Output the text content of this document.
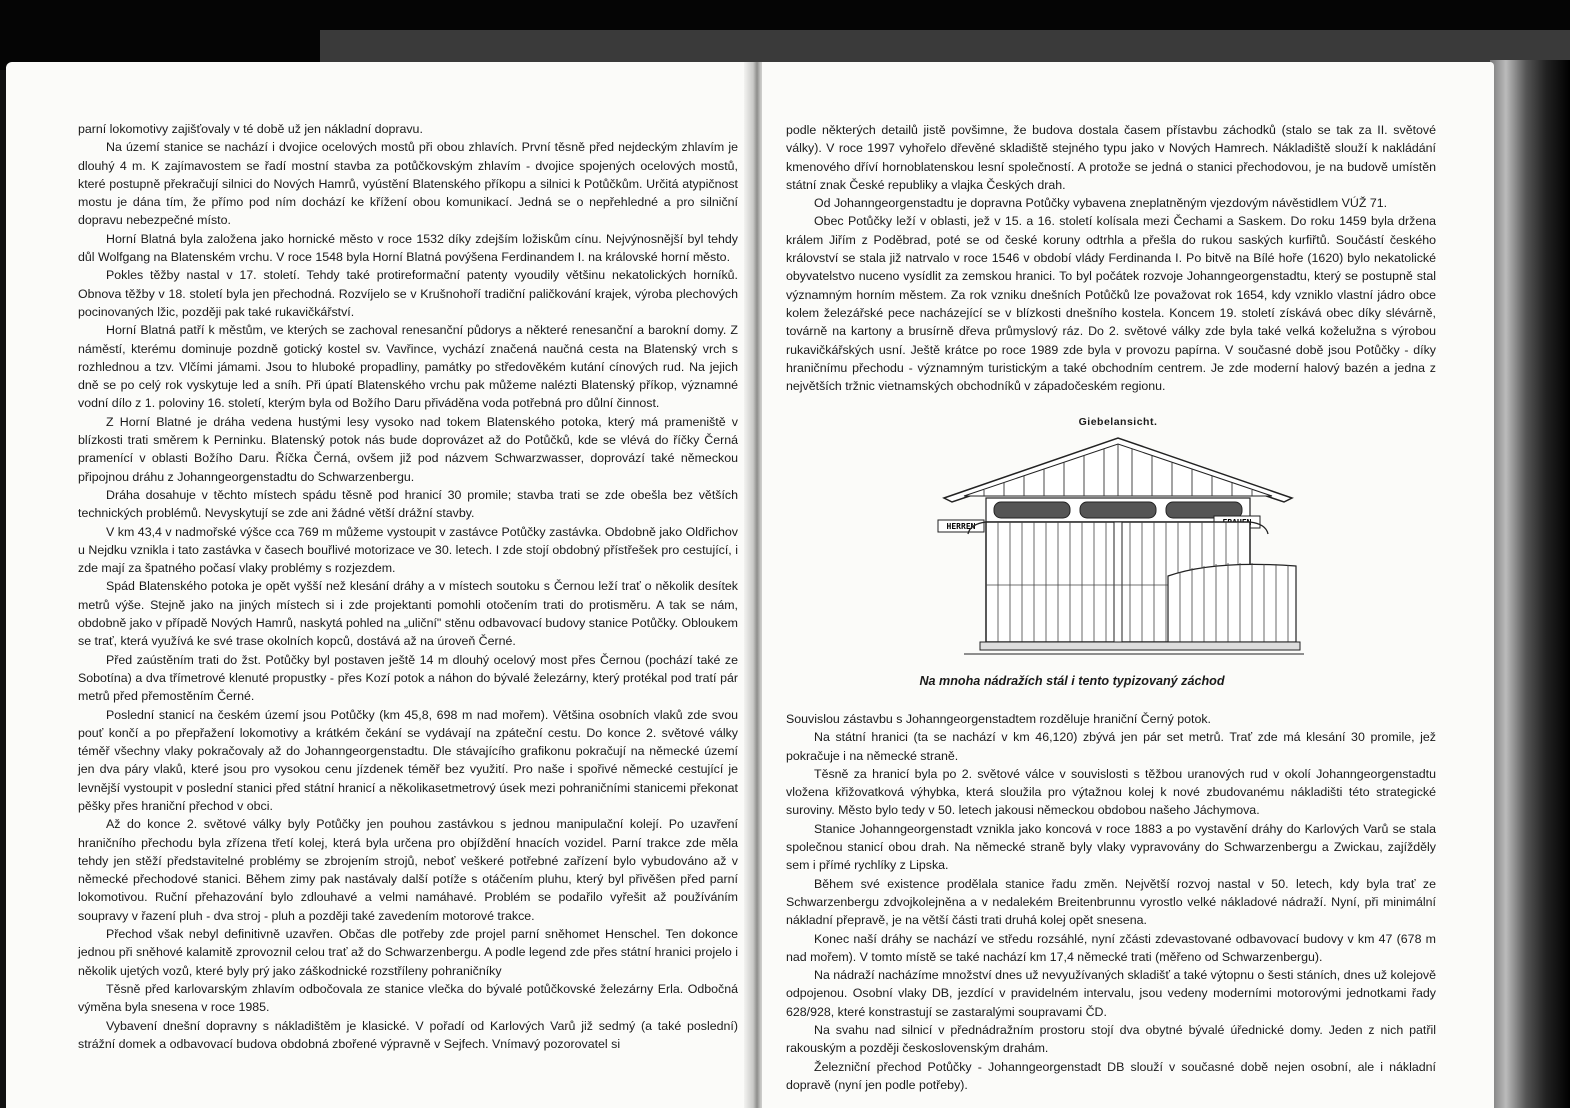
parní lokomotivy zajišťovaly v té době už jen nákladní dopravu.

Na území stanice se nachází i dvojice ocelových mostů při obou zhlavích. První těsně před nejdeckým zhlavím je dlouhý 4 m. K zajímavostem se řadí mostní stavba za potůčkovským zhlavím - dvojice spojených ocelových mostů, které postupně překračují silnici do Nových Hamrů, vyústění Blatenského příkopu a silnici k Potůčkům. Určitá atypičnost mostu je dána tím, že přímo pod ním dochází ke křížení obou komunikací. Jedná se o nepřehledné a pro silniční dopravu nebezpečné místo.

Horní Blatná byla založena jako hornické město v roce 1532 díky zdejším ložiskům cínu. Nejvýnosnější byl tehdy důl Wolfgang na Blatenském vrchu. V roce 1548 byla Horní Blatná povýšena Ferdinandem I. na královské horní město.

Pokles těžby nastal v 17. století. Tehdy také protireformační patenty vyoudily většinu nekatolických horníků. Obnova těžby v 18. století byla jen přechodná. Rozvíjelo se v Krušnohoří tradiční paličkování krajek, výroba plechových pocinovaných lžic, později pak také rukavičkářství.

Horní Blatná patří k městům, ve kterých se zachoval renesanční půdorys a některé renesanční a barokní domy. Z náměstí, kterému dominuje pozdně gotický kostel sv. Vavřince, vychází značená naučná cesta na Blatenský vrch s rozhlednou a tzv. Vlčími jámami. Jsou to hluboké propadliny, památky po středověkém kutání cínových rud. Na jejich dně se po celý rok vyskytuje led a sníh. Při úpatí Blatenského vrchu pak můžeme nalézti Blatenský příkop, významné vodní dílo z 1. poloviny 16. století, kterým byla od Božího Daru přiváděna voda potřebná pro důlní činnost.

Z Horní Blatné je dráha vedena hustými lesy vysoko nad tokem Blatenského potoka, který má prameniště v blízkosti trati směrem k Perninku. Blatenský potok nás bude doprovázet až do Potůčků, kde se vlévá do říčky Černá pramenící v oblasti Božího Daru. Říčka Černá, ovšem již pod názvem Schwarzwasser, doprovází také německou připojnou dráhu z Johanngeorgenstadtu do Schwarzenbergu.

Dráha dosahuje v těchto místech spádu těsně pod hranicí 30 promile; stavba trati se zde obešla bez větších technických problémů. Nevyskytují se zde ani žádné větší drážní stavby.

V km 43,4 v nadmořské výšce cca 769 m můžeme vystoupit v zastávce Potůčky zastávka. Obdobně jako Oldřichov u Nejdku vznikla i tato zastávka v časech bouřlivé motorizace ve 30. letech. I zde stojí obdobný přístřešek pro cestující, i zde mají za špatného počasí vlaky problémy s rozjezdem.

Spád Blatenského potoka je opět vyšší než klesání dráhy a v místech soutoku s Černou leží trať o několik desítek metrů výše. Stejně jako na jiných místech si i zde projektanti pomohli otočením trati do protisměru. A tak se nám, obdobně jako v případě Nových Hamrů, naskytá pohled na „uliční" stěnu odbavovací budovy stanice Potůčky. Obloukem se trať, která využívá ke své trase okolních kopců, dostává až na úroveň Černé.

Před zaústěním trati do žst. Potůčky byl postaven ještě 14 m dlouhý ocelový most přes Černou (pochází také ze Sobotína) a dva třímetrové klenuté propustky - přes Kozí potok a náhon do bývalé železárny, který protékal pod tratí pár metrů před přemostěním Černé.

Poslední stanicí na českém území jsou Potůčky (km 45,8, 698 m nad mořem). Většina osobních vlaků zde svou pouť končí a po přepřažení lokomotivy a krátkém čekání se vydávají na zpáteční cestu. Do konce 2. světové války téměř všechny vlaky pokračovaly až do Johanngeorgenstadtu. Dle stávajícího grafikonu pokračují na německé území jen dva páry vlaků, které jsou pro vysokou cenu jízdenek téměř bez využití. Pro naše i spořivé německé cestující je levnější vystoupit v poslední stanici před státní hranicí a několikasetmetrový úsek mezi pohraničními stanicemi překonat pěšky přes hraniční přechod v obci.

Až do konce 2. světové války byly Potůčky jen pouhou zastávkou s jednou manipulační kolejí. Po uzavření hraničního přechodu byla zřízena třetí kolej, která byla určena pro objíždění hnacích vozidel. Parní trakce zde měla tehdy jen stěží představitelné problémy se zbrojením strojů, neboť veškeré potřebné zařízení bylo vybudováno až v německé přechodové stanici. Během zimy pak nastávaly další potíže s otáčením pluhu, který byl přivěšen před parní lokomotivou. Ruční přehazování bylo zdlouhavé a velmi namáhavé. Problém se podařilo vyřešit až používáním soupravy v řazení pluh - dva stroj - pluh a později také zavedením motorové trakce.

Přechod však nebyl definitivně uzavřen. Občas dle potřeby zde projel parní sněhomet Henschel. Ten dokonce jednou při sněhové kalamitě zprovoznil celou trať až do Schwarzenbergu. A podle legend zde přes státní hranici projelo i několik ujetých vozů, které byly prý jako záškodnické rozstříleny pohraničníky

Těsně před karlovarským zhlavím odbočovala ze stanice vlečka do bývalé potůčkovské železárny Erla. Odbočná výměna byla snesena v roce 1985.

Vybavení dnešní dopravny s nákladištěm je klasické. V pořadí od Karlových Varů již sedmý (a také poslední) strážní domek a odbavovací budova obdobná zbořené výpravně v Sejfech. Vnímavý pozorovatel si

podle některých detailů jistě povšimne, že budova dostala časem přístavbu záchodků (stalo se tak za II. světové války). V roce 1997 vyhořelo dřevěné skladiště stejného typu jako v Nových Hamrech. Nákladiště slouží k nakládání kmenového dříví hornoblatenskou lesní společností. A protože se jedná o stanici přechodovou, je na budově umístěn státní znak České republiky a vlajka Českých drah.

Od Johanngeorgenstadtu je dopravna Potůčky vybavena zneplatněným vjezdovým návěstidlem VÚŽ 71.

Obec Potůčky leží v oblasti, jež v 15. a 16. století kolísala mezi Čechami a Saskem. Do roku 1459 byla držena králem Jiřím z Poděbrad, poté se od české koruny odtrhla a přešla do rukou saských kurfiřtů. Součástí českého království se stala již natrvalo v roce 1546 v období vlády Ferdinanda I. Po bitvě na Bílé hoře (1620) bylo nekatolické obyvatelstvo nuceno vysídlit za zemskou hranici. To byl počátek rozvoje Johanngeorgenstadtu, který se postupně stal významným horním městem. Za rok vzniku dnešních Potůčků lze považovat rok 1654, kdy vzniklo vlastní jádro obce kolem železářské pece nacházející se v blízkosti dnešního kostela. Koncem 19. století získává obec díky slévárně, továrně na kartony a brusírně dřeva průmyslový ráz. Do 2. světové války zde byla také velká koželužna s výrobou rukavičkářských usní. Ještě krátce po roce 1989 zde byla v provozu papírna. V současné době jsou Potůčky - díky hraničnímu přechodu - významným turistickým a také obchodním centrem. Je zde moderní halový bazén a jedna z největších tržnic vietnamských obchodníků v západočeském regionu.

Giebelansicht.
HERREN
Na mnoha nádražích stál i tento typizovaný záchod

Souvislou zástavbu s Johanngeorgenstadtem rozděluje hraniční Černý potok.

Na státní hranici (ta se nachází v km 46,120) zbývá jen pár set metrů. Trať zde má klesání 30 promile, jež pokračuje i na německé straně.

Těsně za hranicí byla po 2. světové válce v souvislosti s těžbou uranových rud v okolí Johanngeorgenstadtu vložena křižovatková výhybka, která sloužila pro výtažnou kolej k nové zbudovanému nákladišti této strategické suroviny. Město bylo tedy v 50. letech jakousi německou obdobou našeho Jáchymova.

Stanice Johanngeorgenstadt vznikla jako koncová v roce 1883 a po vystavění dráhy do Karlových Varů se stala společnou stanicí obou drah. Na německé straně byly vlaky vypravovány do Schwarzenbergu a Zwickau, zajížděly sem i přímé rychlíky z Lipska.

Během své existence prodělala stanice řadu změn. Největší rozvoj nastal v 50. letech, kdy byla trať ze Schwarzenbergu zdvojkolejněna a v nedalekém Breitenbrunnu vyrostlo velké nákladové nádraží. Nyní, při minimální nákladní přepravě, je na větší části trati druhá kolej opět snesena.

Konec naší dráhy se nachází ve středu rozsáhlé, nyní zčásti zdevastované odbavovací budovy v km 47 (678 m nad mořem). V tomto místě se také nachází km 17,4 německé trati (měřeno od Schwarzenbergu).

Na nádraží nacházíme množství dnes už nevyužívaných skladišť a také výtopnu o šesti stáních, dnes už kolejově odpojenou. Osobní vlaky DB, jezdící v pravidelném intervalu, jsou vedeny moderními motorovými jednotkami řady 628/928, které konstrastují se zastaralými soupravami ČD.

Na svahu nad silnicí v přednádražním prostoru stojí dva obytné bývalé úřednické domy. Jeden z nich patřil rakouským a později československým drahám.

Železniční přechod Potůčky - Johanngeorgenstadt DB slouží v současné době nejen osobní, ale i nákladní dopravě (nyní jen podle potřeby).
